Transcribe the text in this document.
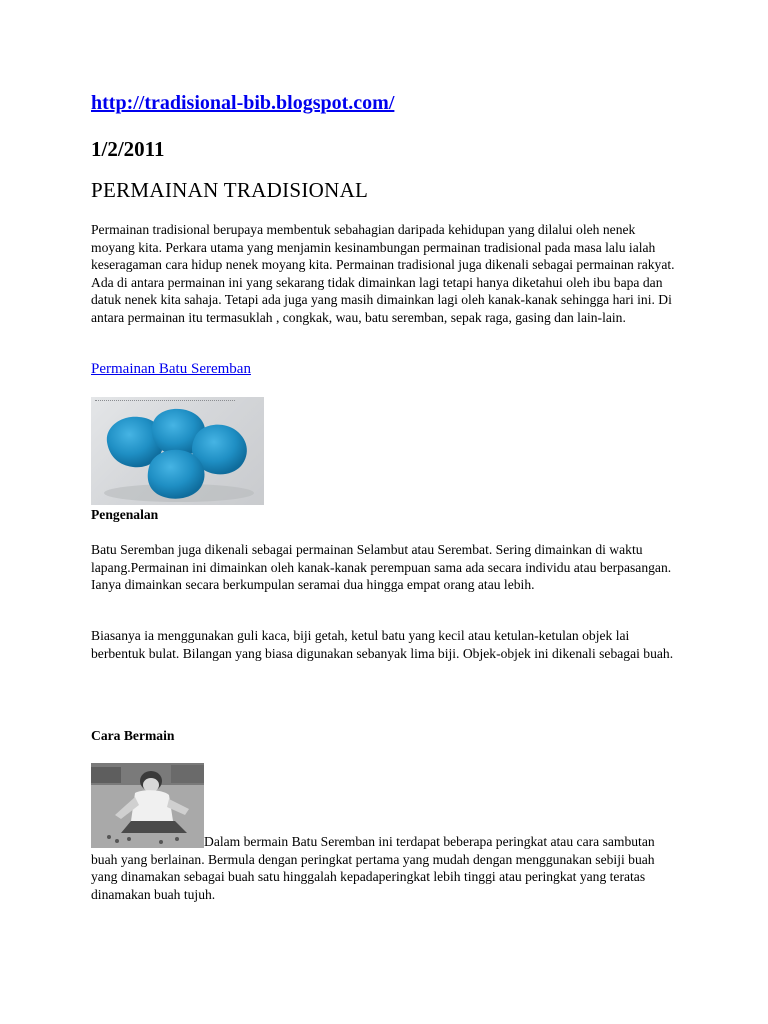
http://tradisional-bib.blogspot.com/
1/2/2011
PERMAINAN TRADISIONAL

Permainan tradisional berupaya membentuk sebahagian daripada kehidupan yang dilalui oleh nenek moyang kita. Perkara utama yang menjamin kesinambungan permainan tradisional pada masa lalu ialah keseragaman cara hidup nenek moyang kita. Permainan tradisional juga dikenali sebagai permainan rakyat. Ada di antara permainan ini yang sekarang tidak dimainkan lagi tetapi hanya diketahui oleh ibu bapa dan datuk nenek kita sahaja. Tetapi ada juga yang masih dimainkan lagi oleh kanak-kanak sehingga hari ini. Di antara permainan itu termasuklah , congkak, wau, batu seremban, sepak raga, gasing dan lain-lain.

Permainan Batu Seremban
Pengenalan

Batu Seremban juga dikenali sebagai permainan Selambut atau Serembat. Sering dimainkan di waktu lapang.Permainan ini dimainkan oleh kanak-kanak perempuan sama ada secara individu atau berpasangan. Ianya dimainkan secara berkumpulan seramai dua hingga empat orang atau lebih.

Biasanya ia menggunakan guli kaca, biji getah, ketul batu yang kecil atau ketulan-ketulan objek lai berbentuk bulat. Bilangan yang biasa digunakan sebanyak lima biji. Objek-objek ini dikenali sebagai buah.

Cara Bermain

Dalam bermain Batu Seremban ini terdapat beberapa peringkat atau cara sambutan buah yang berlainan. Bermula dengan peringkat pertama yang mudah dengan menggunakan sebiji buah yang dinamakan sebagai buah satu hinggalah kepadaperingkat lebih tinggi atau peringkat yang teratas dinamakan buah tujuh.
